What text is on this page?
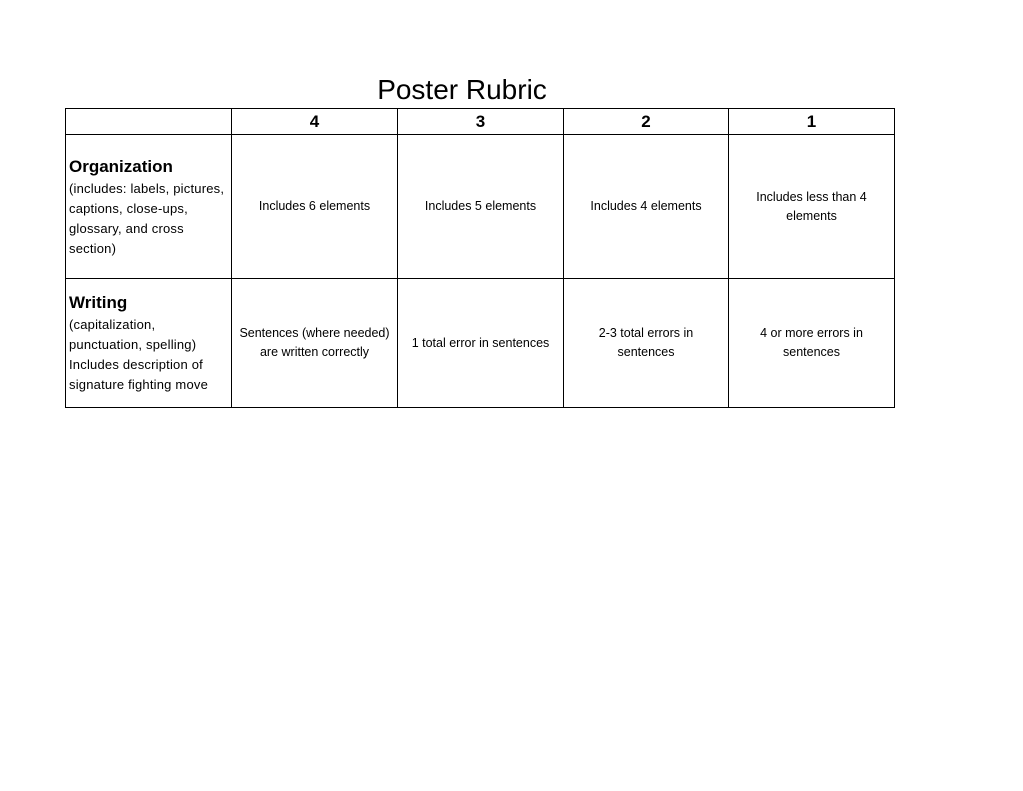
Poster Rubric
	4	3	2	1

Organization
(includes: labels, pictures, captions, close-ups, glossary, and cross section)	Includes 6 elements	Includes 5 elements	Includes 4 elements	Includes less than 4 elements

Writing
(capitalization, punctuation, spelling) Includes description of signature fighting move	Sentences (where needed) are written correctly	1 total error in sentences	2-3 total errors in sentences	4 or more errors in sentences
